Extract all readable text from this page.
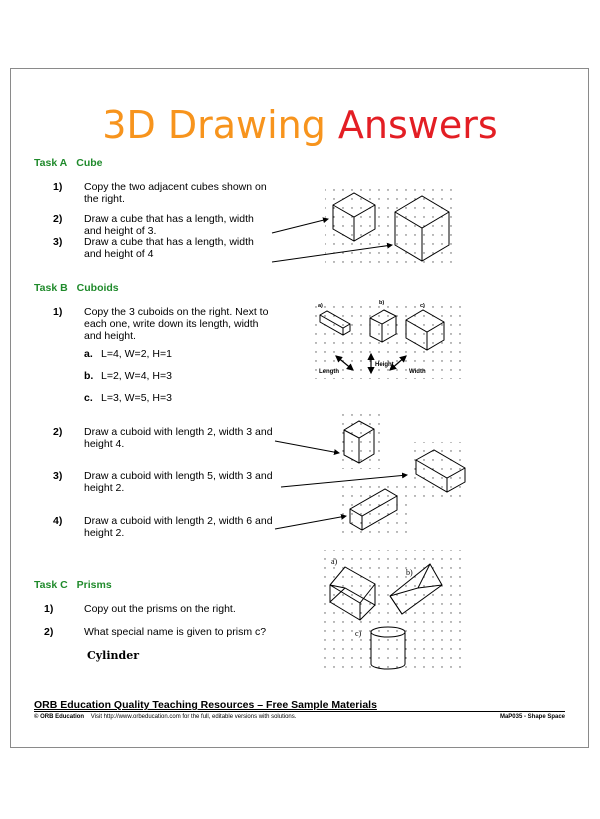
3D Drawing Answers
Task A Cube
1) Copy the two adjacent cubes shown on the right.
2) Draw a cube that has a length, width and height of 3.
3) Draw a cube that has a length, width and height of 4
Task B Cuboids
1) Copy the 3 cuboids on the right. Next to each one, write down its length, width and height.
a. L=4, W=2, H=1
b. L=2, W=4, H=3
c. L=3, W=5, H=3
2) Draw a cuboid with length 2, width 3 and height 4.
3) Draw a cuboid with length 5, width 3 and height 2.
4) Draw a cuboid with length 2, width 6 and height 2.
Task C Prisms
1)	Copy out the prisms on the right.
2)	What special name is given to prism c?
Cylinder
a)	b)	c)
Length
Height
Width
a)
b)
c)
ORB Education Quality Teaching Resources – Free Sample Materials
© ORB Education Visit http://www.orbeducation.com for the full, editable versions with solutions.	MaP035 - Shape Space
